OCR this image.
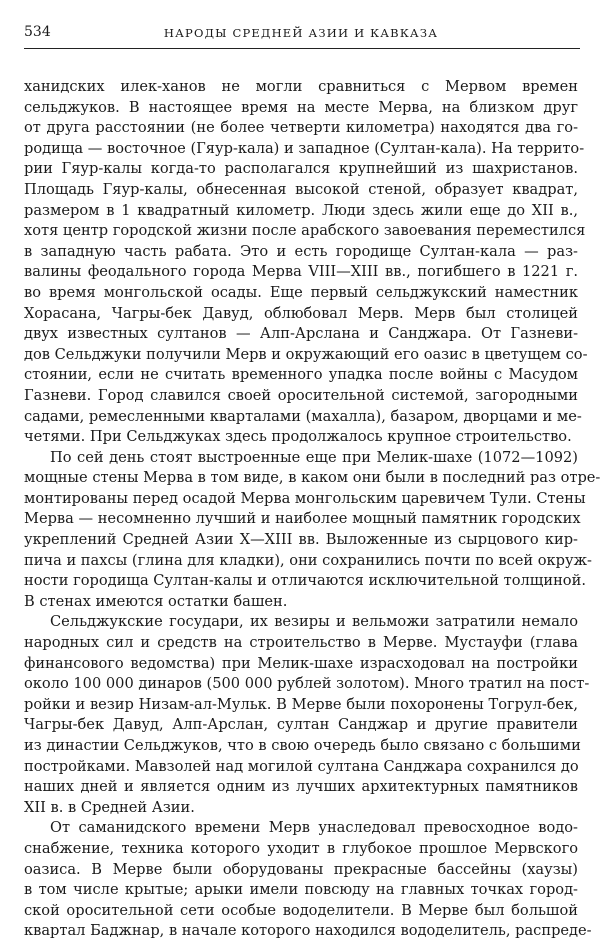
534	НАРОДЫ СРЕДНЕЙ АЗИИ И КАВКАЗА
ханидских илек-ханов не могли сравниться с Мервом времен
сельджуков. В настоящее время на месте Мерва, на близком друг
от друга расстоянии (не более четверти километра) находятся два го-
родища — восточное (Гяур-кала) и западное (Султан-кала). На террито-
рии Гяур-калы когда-то располагался крупнейший из шахристанов.
Площадь Гяур-калы, обнесенная высокой стеной, образует квадрат,
размером в 1 квадратный километр. Люди здесь жили еще до XII в.,
хотя центр городской жизни после арабского завоевания переместился
в западную часть рабата. Это и есть городище Султан-кала — раз-
валины феодального города Мерва VIII—XIII вв., погибшего в 1221 г.
во время монгольской осады. Еще первый сельджукский наместник
Хорасана, Чагры-бек Давуд, облюбовал Мерв. Мерв был столицей
двух известных султанов — Алп-Арслана и Санджара. От Газневи-
дов Сельджуки получили Мерв и окружающий его оазис в цветущем со-
стоянии, если не считать временного упадка после войны с Масудом
Газневи. Город славился своей оросительной системой, загородными
садами, ремесленными кварталами (махалла), базаром, дворцами и ме-
четями. При Сельджуках здесь продолжалось крупное строительство.
По сей день стоят выстроенные еще при Мелик-шахе (1072—1092)
мощные стены Мерва в том виде, в каком они были в последний раз отре-
монтированы перед осадой Мерва монгольским царевичем Тули. Стены
Мерва — несомненно лучший и наиболее мощный памятник городских
укреплений Средней Азии X—XIII вв. Выложенные из сырцового кир-
пича и пахсы (глина для кладки), они сохранились почти по всей окруж-
ности городища Султан-калы и отличаются исключительной толщиной.
В стенах имеются остатки башен.
Сельджукские государи, их везиры и вельможи затратили немало
народных сил и средств на строительство в Мерве. Мустауфи (глава
финансового ведомства) при Мелик-шахе израсходовал на постройки
около 100 000 динаров (500 000 рублей золотом). Много тратил на пост-
ройки и везир Низам-ал-Мульк. В Мерве были похоронены Тогрул-бек,
Чагры-бек Давуд, Алп-Арслан, султан Санджар и другие правители
из династии Сельджуков, что в свою очередь было связано с большими
постройками. Мавзолей над могилой султана Санджара сохранился до
наших дней и является одним из лучших архитектурных памятников
XII в. в Средней Азии.
От саманидского времени Мерв унаследовал превосходное водо-
снабжение, техника которого уходит в глубокое прошлое Мервского
оазиса. В Мерве были оборудованы прекрасные бассейны (хаузы)
в том числе крытые; арыки имели повсюду на главных точках город-
ской оросительной сети особые вододелители. В Мерве был большой
квартал Баджнар, в начале которого находился вододелитель, распреде-
